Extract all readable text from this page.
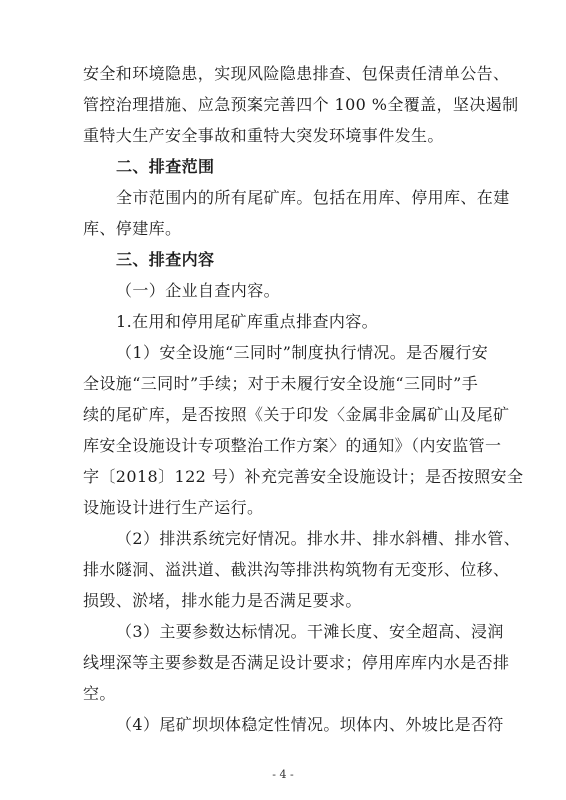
安全和环境隐患，实现风险隐患排查、包保责任清单公告、
管控治理措施、应急预案完善四个 100 %全覆盖，坚决遏制
重特大生产安全事故和重特大突发环境事件发生。
二、排查范围
全市范围内的所有尾矿库。包括在用库、停用库、在建
库、停建库。
三、排查内容
（一）企业自查内容。
1.在用和停用尾矿库重点排查内容。
（1）安全设施“三同时”制度执行情况。是否履行安
全设施“三同时”手续；对于未履行安全设施“三同时”手
续的尾矿库，是否按照《关于印发〈金属非金属矿山及尾矿
库安全设施设计专项整治工作方案〉的通知》（内安监管一
字〔2018〕122 号）补充完善安全设施设计；是否按照安全
设施设计进行生产运行。
（2）排洪系统完好情况。排水井、排水斜槽、排水管、
排水隧洞、溢洪道、截洪沟等排洪构筑物有无变形、位移、
损毁、淤堵，排水能力是否满足要求。
（3）主要参数达标情况。干滩长度、安全超高、浸润
线埋深等主要参数是否满足设计要求；停用库库内水是否排
空。
（4）尾矿坝坝体稳定性情况。坝体内、外坡比是否符
- 4 -
